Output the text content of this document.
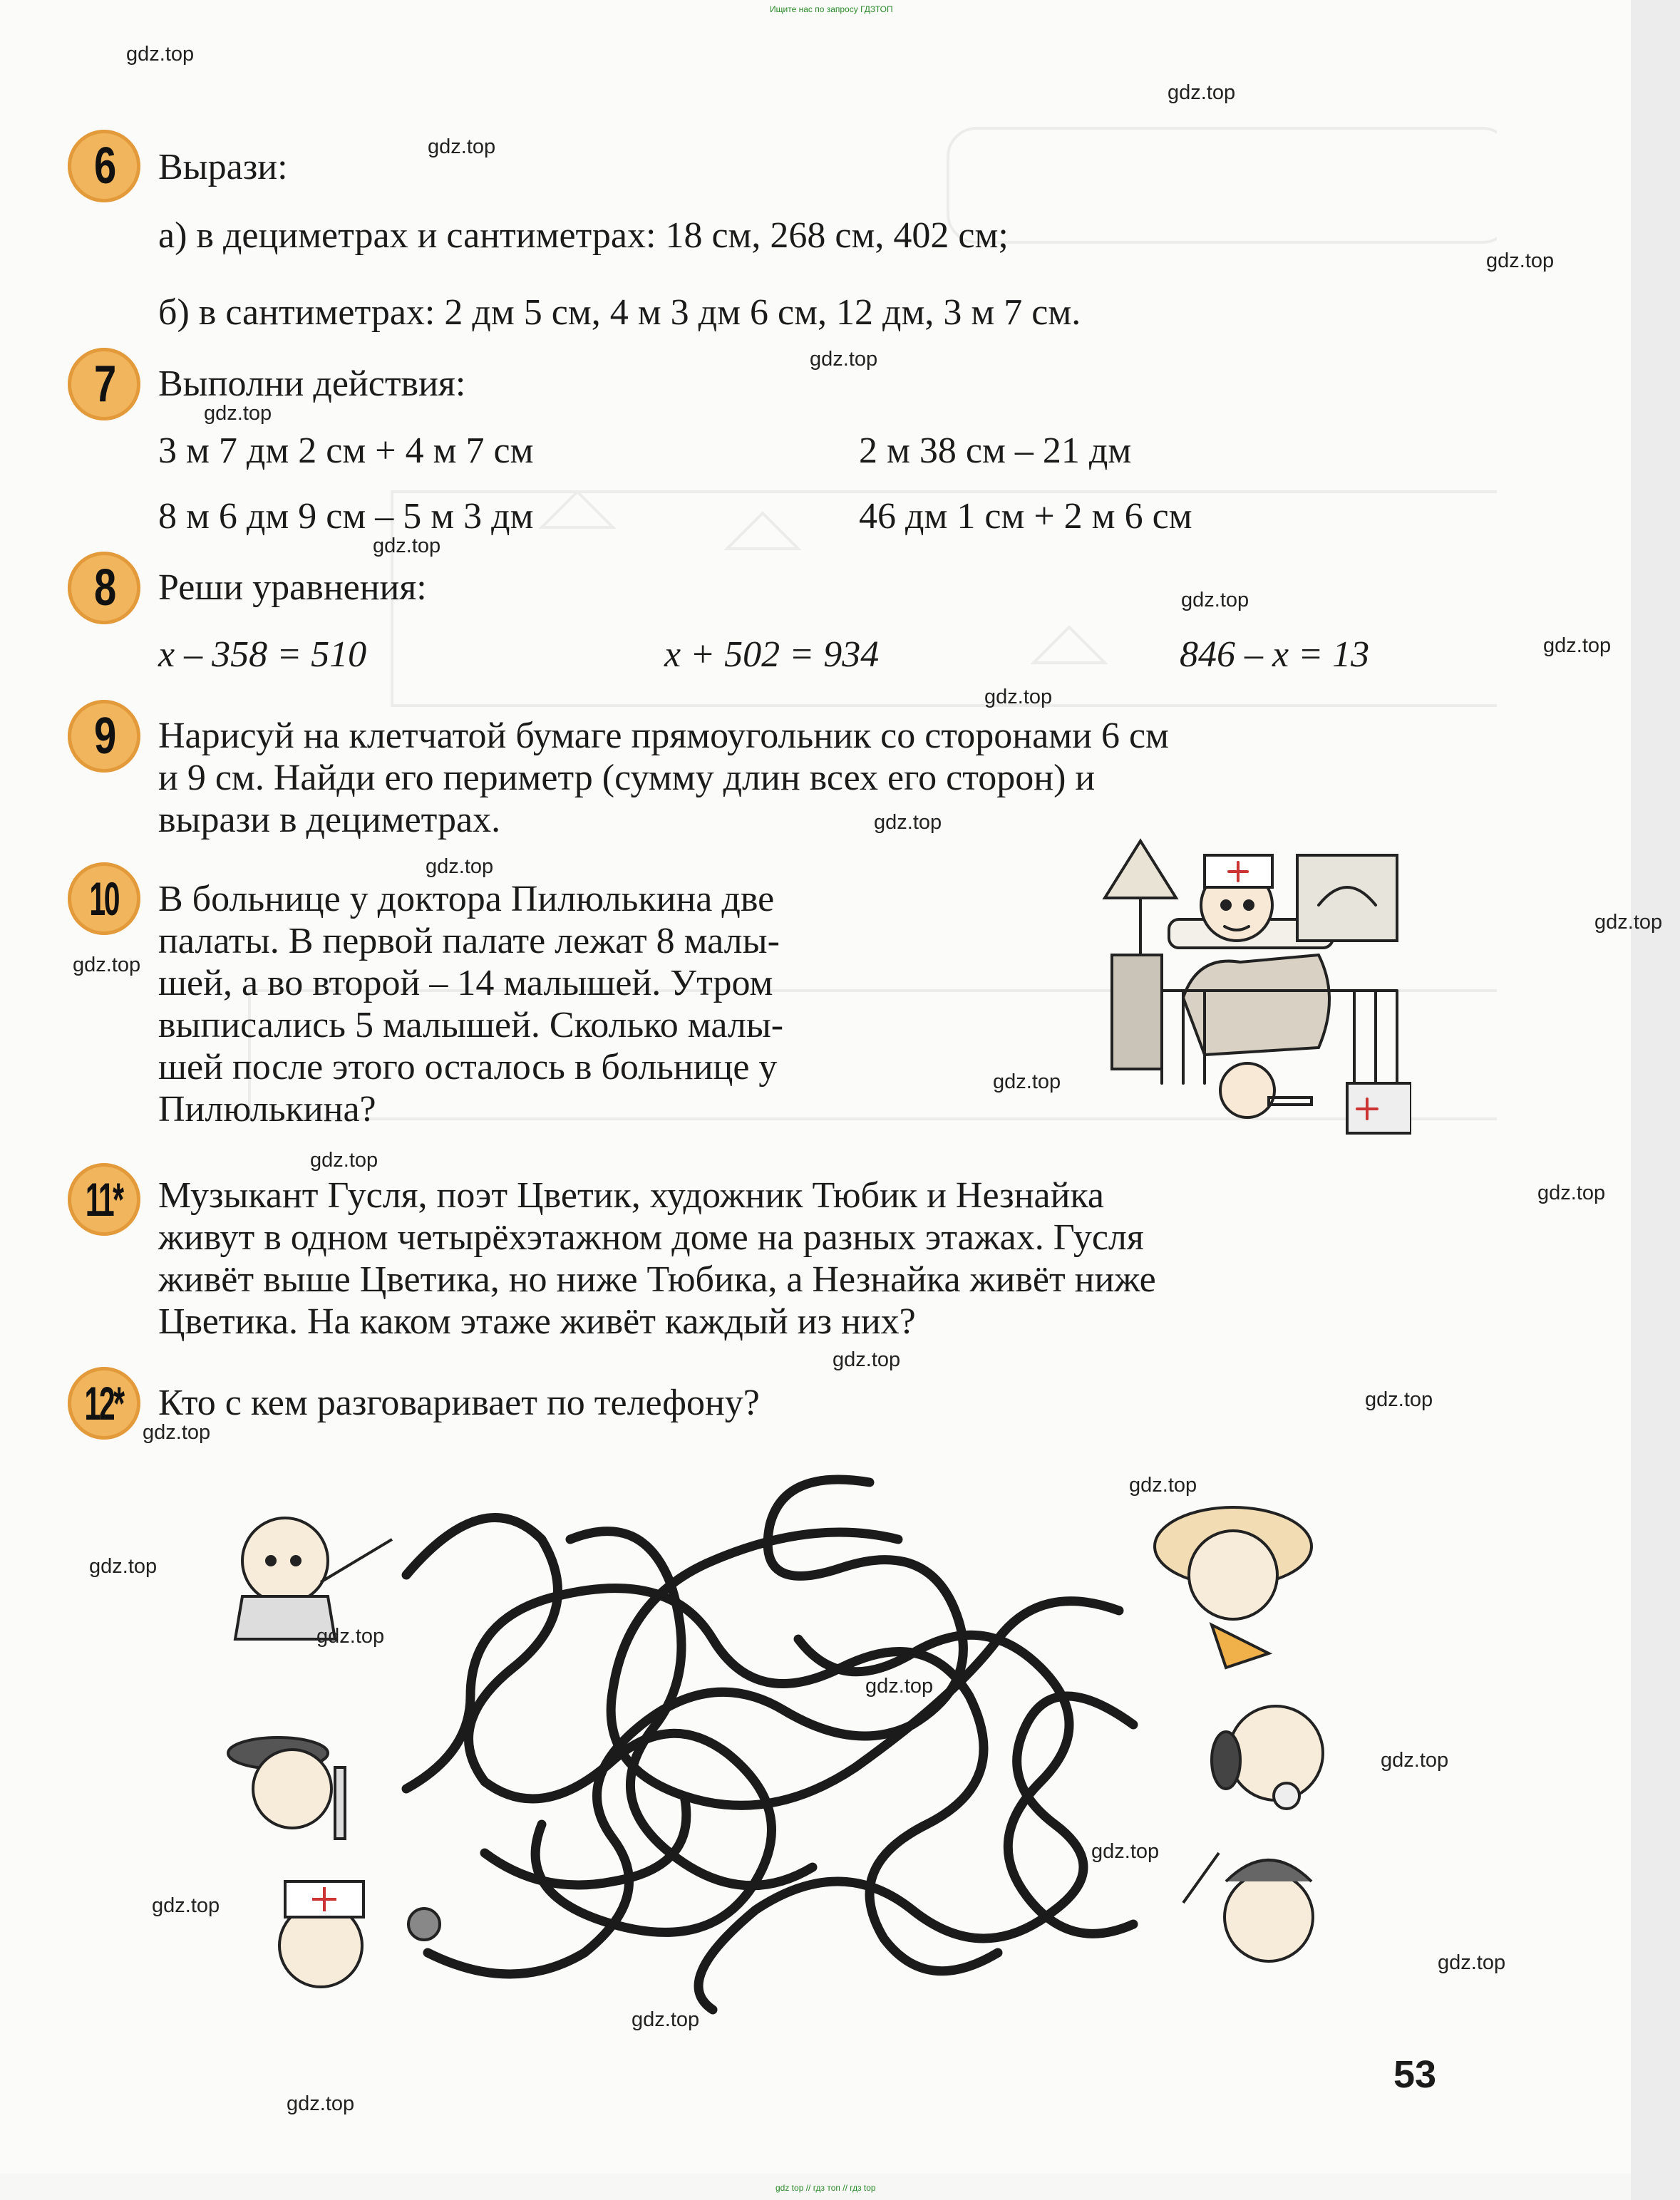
Ищите нас по запросу ГДЗТОП
6 Вырази:
а) в дециметрах и сантиметрах: 18 см, 268 см, 402 см;
б) в сантиметрах: 2 дм 5 см, 4 м 3 дм 6 см, 12 дм, 3 м 7 см.
7 Выполни действия:
3 м 7 дм 2 см + 4 м 7 см	2 м 38 см – 21 дм
8 м 6 дм 9 см – 5 м 3 дм	46 дм 1 см + 2 м 6 см
8 Реши уравнения:
x – 358 = 510	x + 502 = 934	846 – x = 13
9 Нарисуй на клетчатой бумаге прямоугольник со сторонами 6 см
и 9 см. Найди его периметр (сумму длин всех его сторон) и
вырази в дециметрах.
10 В больнице у доктора Пилюлькина две
палаты. В первой палате лежат 8 малы-
шей, а во второй – 14 малышей. Утром
выписались 5 малышей. Сколько малы-
шей после этого осталось в больнице у
Пилюлькина?
11* Музыкант Гусля, поэт Цветик, художник Тюбик и Незнайка
живут в одном четырёхэтажном доме на разных этажах. Гусля
живёт выше Цветика, но ниже Тюбика, а Незнайка живёт ниже
Цветика. На каком этаже живёт каждый из них?
12* Кто с кем разговаривает по телефону?
53
gdz.top
gdz.top
gdz.top
gdz.top
gdz.top
gdz.top
gdz.top
gdz.top
gdz.top
gdz.top
gdz.top
gdz.top
gdz.top
gdz.top
gdz.top
gdz.top
gdz.top
gdz.top
gdz.top
gdz.top
gdz.top
gdz.top
gdz.top
gdz.top
gdz.top
gdz.top
gdz.top
gdz.top
gdz.top
gdz.top
gdz top // гдз топ // гдз top
